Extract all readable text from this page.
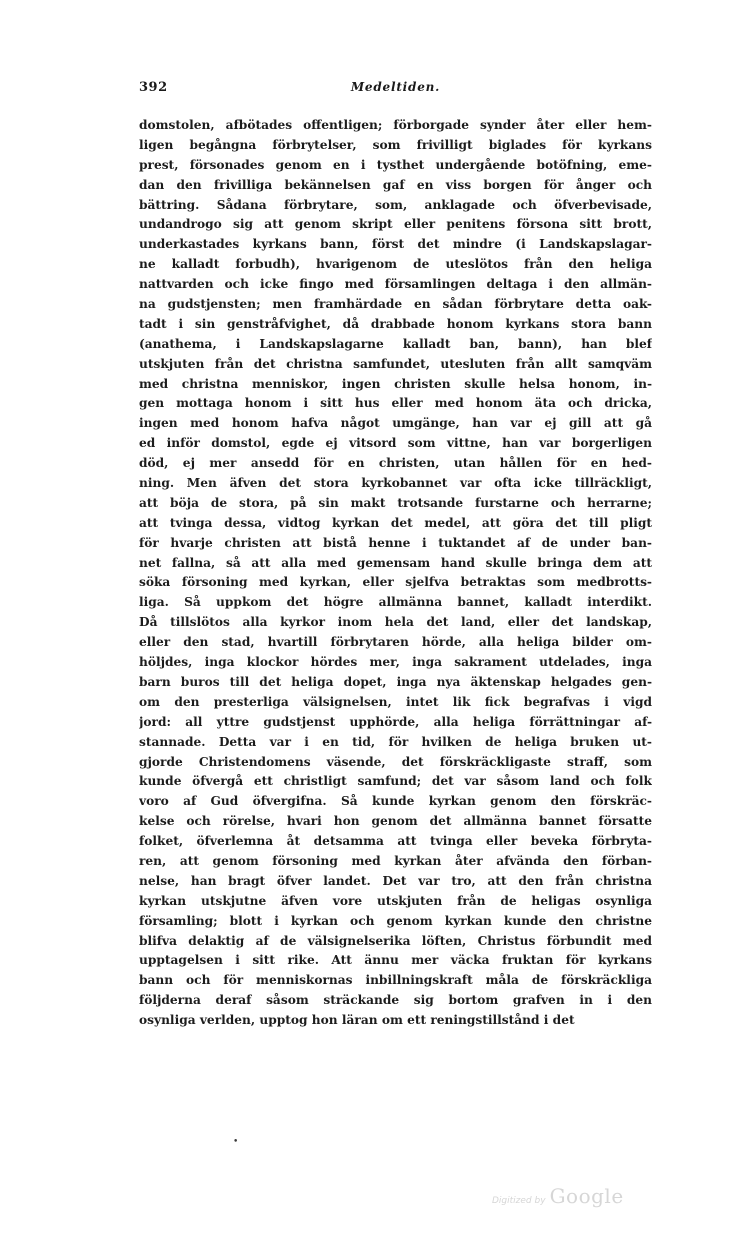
392	Medeltiden.
domstolen, afbötades offentligen; förborgade synder åter eller hem-
ligen begångna förbrytelser, som frivilligt biglades för kyrkans
prest, försonades genom en i tysthet undergående botöfning, eme-
dan den frivilliga bekännelsen gaf en viss borgen för ånger och
bättring. Sådana förbrytare, som, anklagade och öfverbevisade,
undandrogo sig att genom skript eller penitens försona sitt brott,
underkastades kyrkans bann, först det mindre (i Landskapslagar-
ne kalladt forbudh), hvarigenom de uteslötos från den heliga
nattvarden och icke fingo med församlingen deltaga i den allmän-
na gudstjensten; men framhärdade en sådan förbrytare detta oak-
tadt i sin genstråfvighet, då drabbade honom kyrkans stora bann
(anathema, i Landskapslagarne kalladt ban, bann), han blef
utskjuten från det christna samfundet, utesluten från allt samqväm
med christna menniskor, ingen christen skulle helsa honom, in-
gen mottaga honom i sitt hus eller med honom äta och dricka,
ingen med honom hafva något umgänge, han var ej gill att gå
ed inför domstol, egde ej vitsord som vittne, han var borgerligen
död, ej mer ansedd för en christen, utan hållen för en hed-
ning. Men äfven det stora kyrkobannet var ofta icke tillräckligt,
att böja de stora, på sin makt trotsande furstarne och herrarne;
att tvinga dessa, vidtog kyrkan det medel, att göra det till pligt
för hvarje christen att bistå henne i tuktandet af de under ban-
net fallna, så att alla med gemensam hand skulle bringa dem att
söka försoning med kyrkan, eller sjelfva betraktas som medbrotts-
liga. Så uppkom det högre allmänna bannet, kalladt interdikt.
Då tillslötos alla kyrkor inom hela det land, eller det landskap,
eller den stad, hvartill förbrytaren hörde, alla heliga bilder om-
höljdes, inga klockor hördes mer, inga sakrament utdelades, inga
barn buros till det heliga dopet, inga nya äktenskap helgades gen-
om den presterliga välsignelsen, intet lik fick begrafvas i vigd
jord: all yttre gudstjenst upphörde, alla heliga förrättningar af-
stannade. Detta var i en tid, för hvilken de heliga bruken ut-
gjorde Christendomens väsende, det förskräckligaste straff, som
kunde öfvergå ett christligt samfund; det var såsom land och folk
voro af Gud öfvergifna. Så kunde kyrkan genom den förskräc-
kelse och rörelse, hvari hon genom det allmänna bannet försatte
folket, öfverlemna åt detsamma att tvinga eller beveka förbryta-
ren, att genom försoning med kyrkan åter afvända den förban-
nelse, han bragt öfver landet. Det var tro, att den från christna
kyrkan utskjutne äfven vore utskjuten från de heligas osynliga
församling; blott i kyrkan och genom kyrkan kunde den christne
blifva delaktig af de välsignelserika löften, Christus förbundit med
upptagelsen i sitt rike. Att ännu mer väcka fruktan för kyrkans
bann och för menniskornas inbillningskraft måla de förskräckliga
följderna deraf såsom sträckande sig bortom grafven in i den
osynliga verlden, upptog hon läran om ett reningstillstånd i det
•
Digitized by Google
